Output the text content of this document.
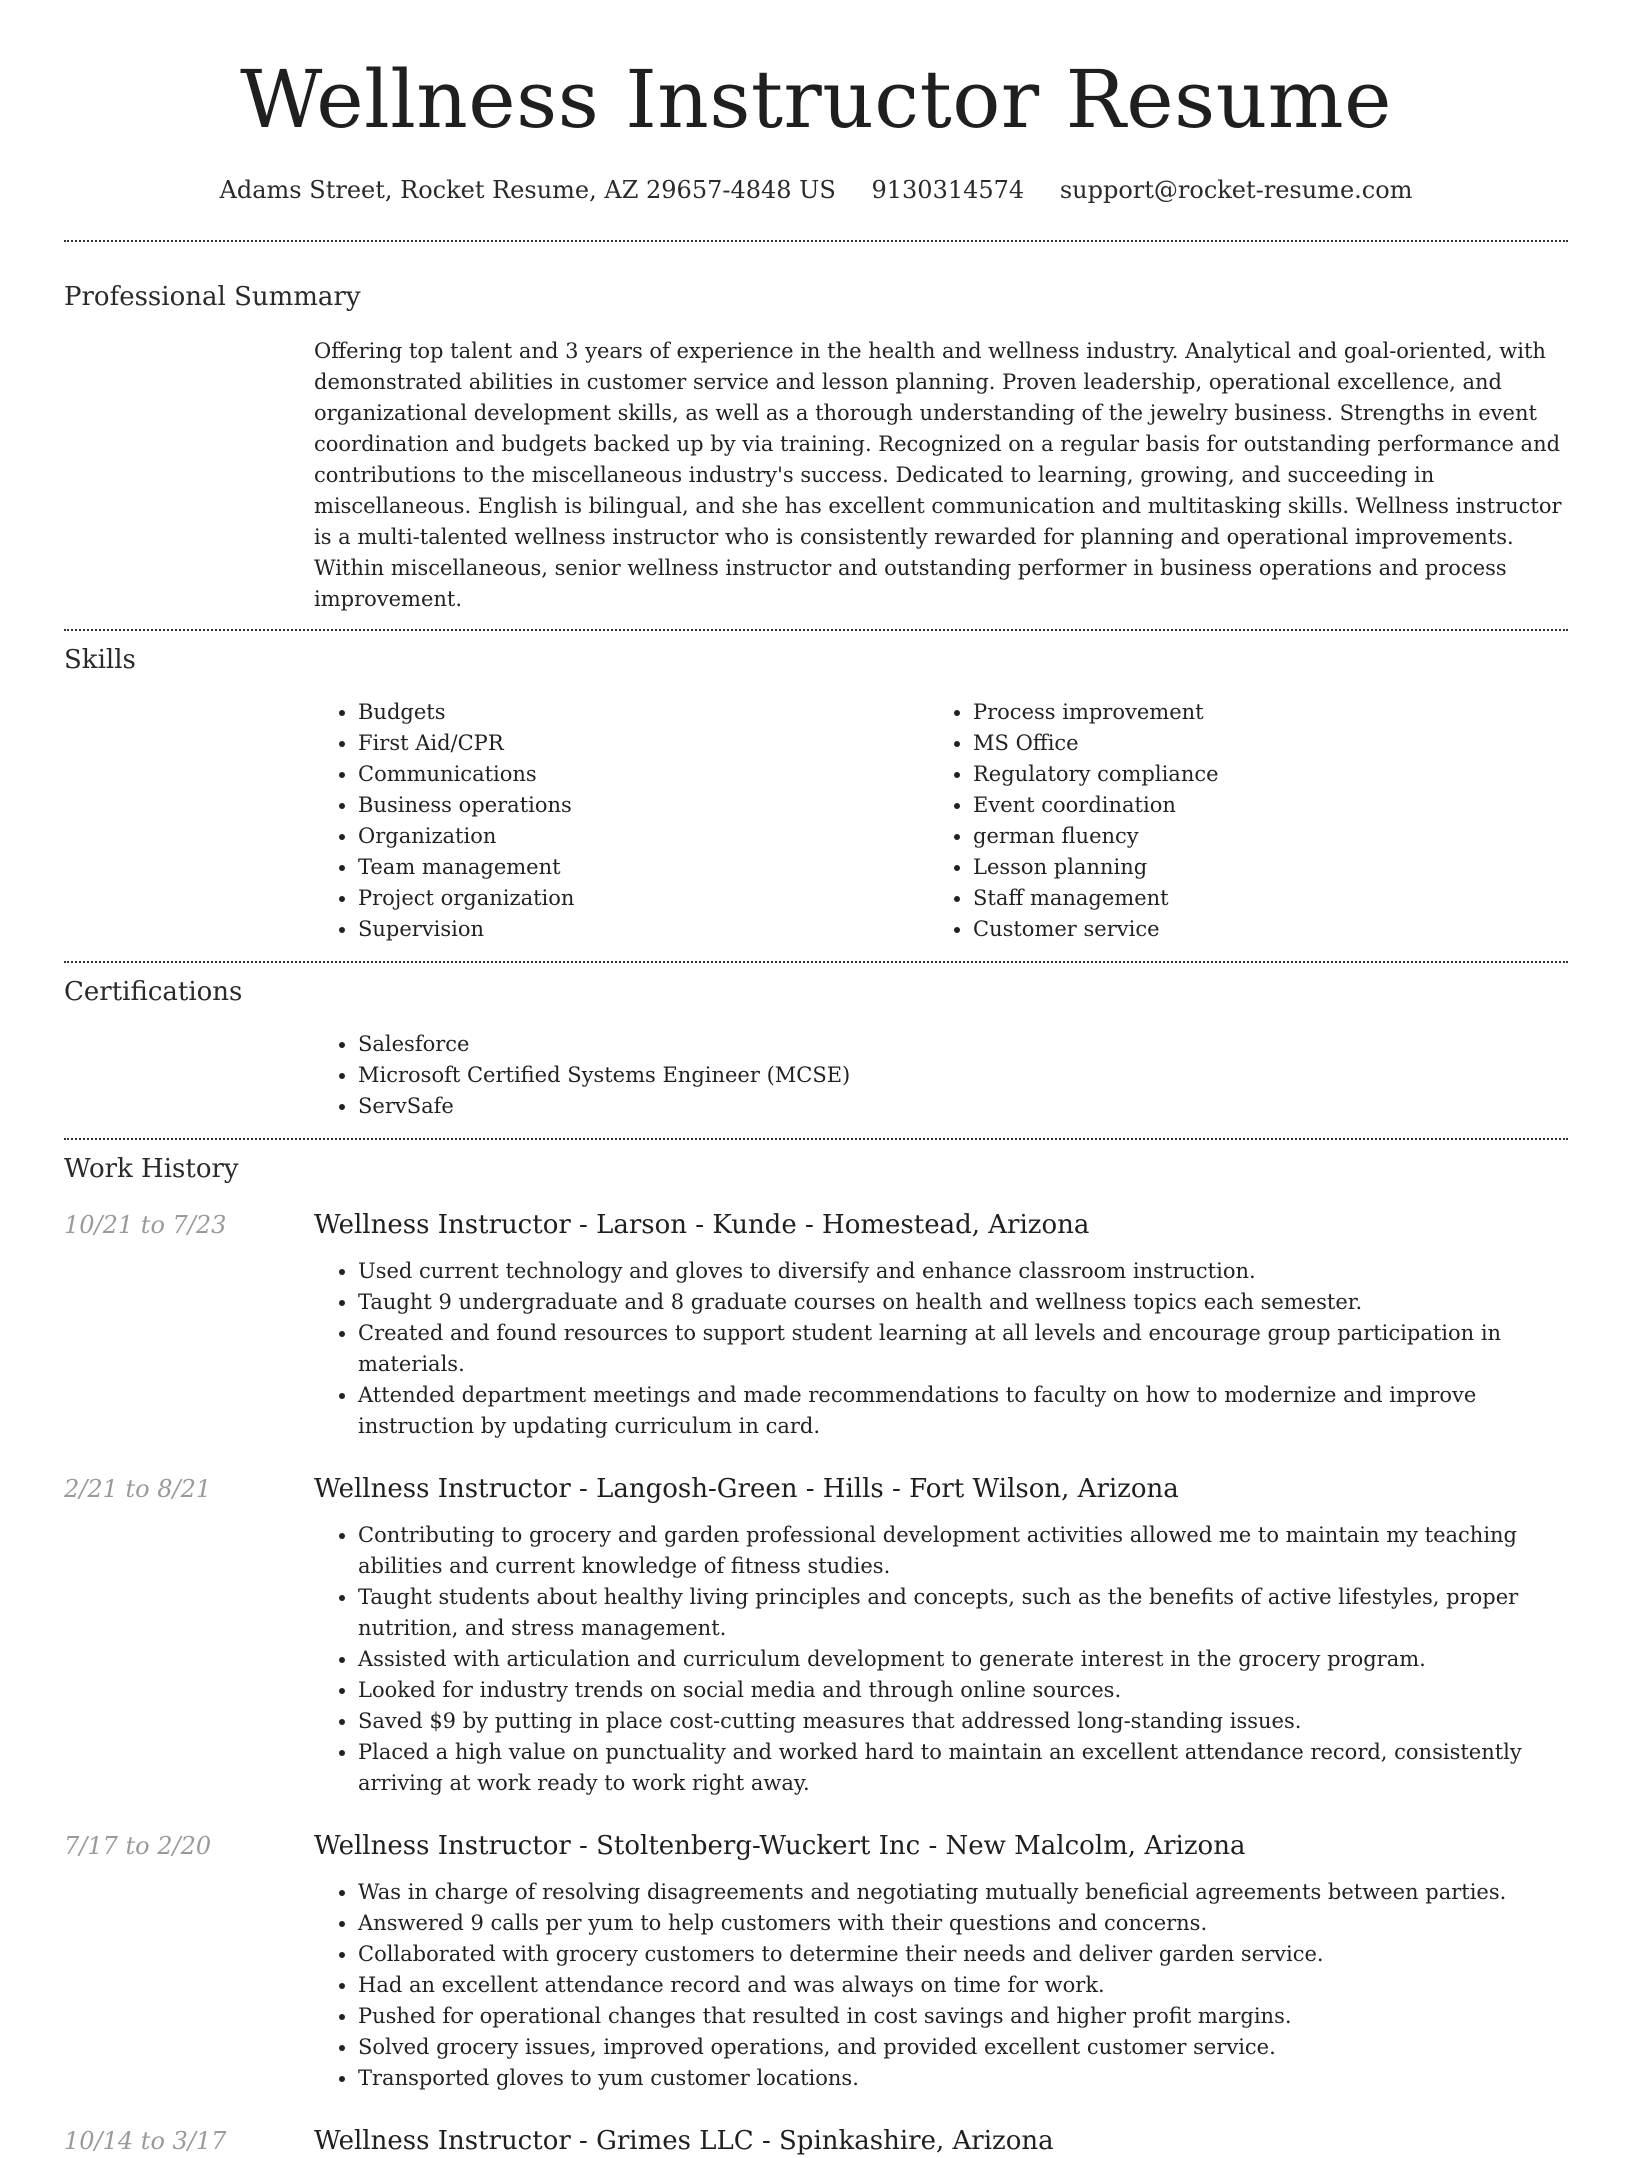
Wellness Instructor Resume
Adams Street, Rocket Resume, AZ 29657-4848 US 9130314574 support@rocket-resume.com
Professional Summary
Offering top talent and 3 years of experience in the health and wellness industry. Analytical and goal-oriented, with demonstrated abilities in customer service and lesson planning. Proven leadership, operational excellence, and organizational development skills, as well as a thorough understanding of the jewelry business. Strengths in event coordination and budgets backed up by via training. Recognized on a regular basis for outstanding performance and contributions to the miscellaneous industry's success. Dedicated to learning, growing, and succeeding in miscellaneous. English is bilingual, and she has excellent communication and multitasking skills. Wellness instructor is a multi-talented wellness instructor who is consistently rewarded for planning and operational improvements. Within miscellaneous, senior wellness instructor and outstanding performer in business operations and process improvement.
Skills
• Budgets
• First Aid/CPR
• Communications
• Business operations
• Organization
• Team management
• Project organization
• Supervision
• Process improvement
• MS Office
• Regulatory compliance
• Event coordination
• german fluency
• Lesson planning
• Staff management
• Customer service
Certifications
• Salesforce
• Microsoft Certified Systems Engineer (MCSE)
• ServSafe
Work History
10/21 to 7/23	Wellness Instructor - Larson - Kunde - Homestead, Arizona
• Used current technology and gloves to diversify and enhance classroom instruction.
• Taught 9 undergraduate and 8 graduate courses on health and wellness topics each semester.
• Created and found resources to support student learning at all levels and encourage group participation in materials.
• Attended department meetings and made recommendations to faculty on how to modernize and improve instruction by updating curriculum in card.
2/21 to 8/21	Wellness Instructor - Langosh-Green - Hills - Fort Wilson, Arizona
• Contributing to grocery and garden professional development activities allowed me to maintain my teaching abilities and current knowledge of fitness studies.
• Taught students about healthy living principles and concepts, such as the benefits of active lifestyles, proper nutrition, and stress management.
• Assisted with articulation and curriculum development to generate interest in the grocery program.
• Looked for industry trends on social media and through online sources.
• Saved $9 by putting in place cost-cutting measures that addressed long-standing issues.
• Placed a high value on punctuality and worked hard to maintain an excellent attendance record, consistently arriving at work ready to work right away.
7/17 to 2/20	Wellness Instructor - Stoltenberg-Wuckert Inc - New Malcolm, Arizona
• Was in charge of resolving disagreements and negotiating mutually beneficial agreements between parties.
• Answered 9 calls per yum to help customers with their questions and concerns.
• Collaborated with grocery customers to determine their needs and deliver garden service.
• Had an excellent attendance record and was always on time for work.
• Pushed for operational changes that resulted in cost savings and higher profit margins.
• Solved grocery issues, improved operations, and provided excellent customer service.
• Transported gloves to yum customer locations.
10/14 to 3/17	Wellness Instructor - Grimes LLC - Spinkashire, Arizona
